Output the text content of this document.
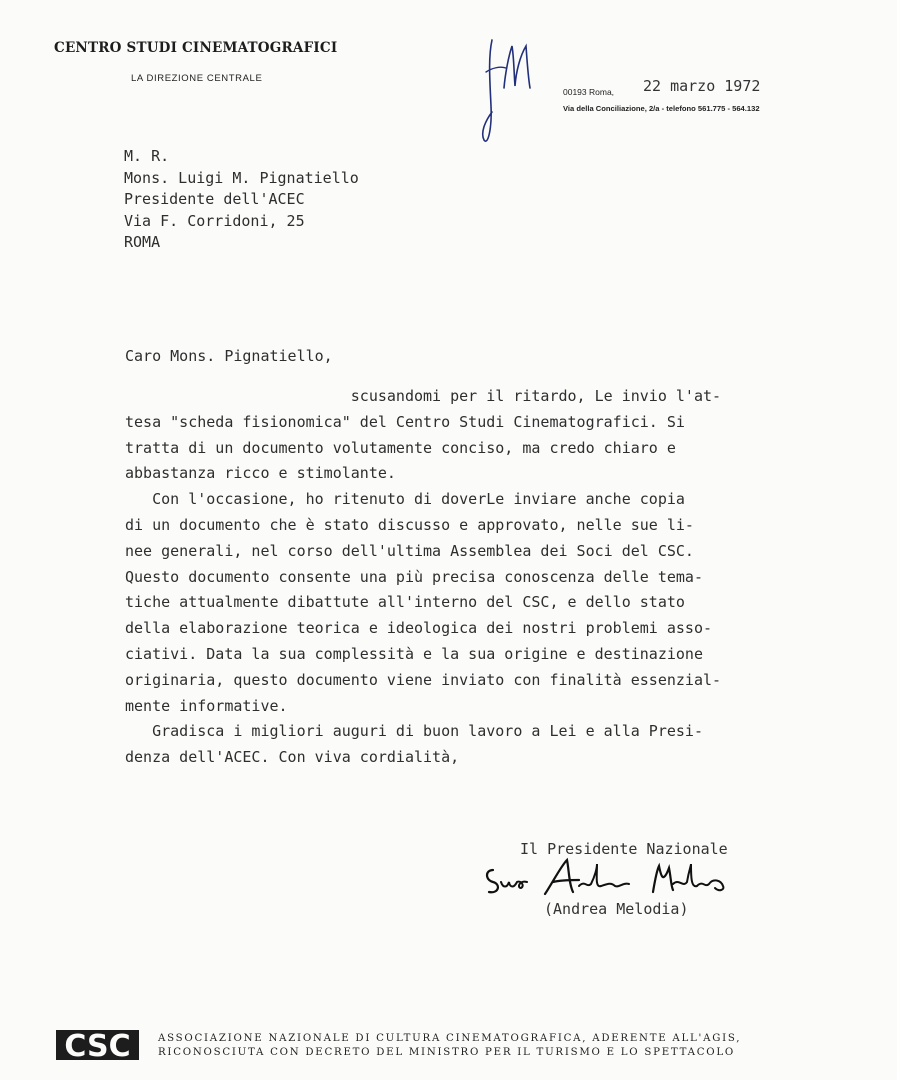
CENTRO STUDI CINEMATOGRAFICI
LA DIREZIONE CENTRALE
00193 Roma, 22 marzo 1972
Via della Conciliazione, 2/a - telefono 561.775 - 564.132
M. R.
Mons. Luigi M. Pignatiello
Presidente dell'ACEC
Via F. Corridoni, 25
ROMA
Caro Mons. Pignatiello,
scusandomi per il ritardo, Le invio l'at-
tesa "scheda fisionomica" del Centro Studi Cinematografici. Si
tratta di un documento volutamente conciso, ma credo chiaro e
abbastanza ricco e stimolante.
Con l'occasione, ho ritenuto di doverLe inviare anche copia
di un documento che è stato discusso e approvato, nelle sue li-
nee generali, nel corso dell'ultima Assemblea dei Soci del CSC.
Questo documento consente una più precisa conoscenza delle tema-
tiche attualmente dibattute all'interno del CSC, e dello stato
della elaborazione teorica e ideologica dei nostri problemi asso-
ciativi. Data la sua complessità e la sua origine e destinazione
originaria, questo documento viene inviato con finalità essenzial-
mente informative.
Gradisca i migliori auguri di buon lavoro a Lei e alla Presi-
denza dell'ACEC. Con viva cordialità,
Il Presidente Nazionale
(Andrea Melodia)
CSC	ASSOCIAZIONE NAZIONALE DI CULTURA CINEMATOGRAFICA, ADERENTE ALL'AGIS,
RICONOSCIUTA CON DECRETO DEL MINISTRO PER IL TURISMO E LO SPETTACOLO
